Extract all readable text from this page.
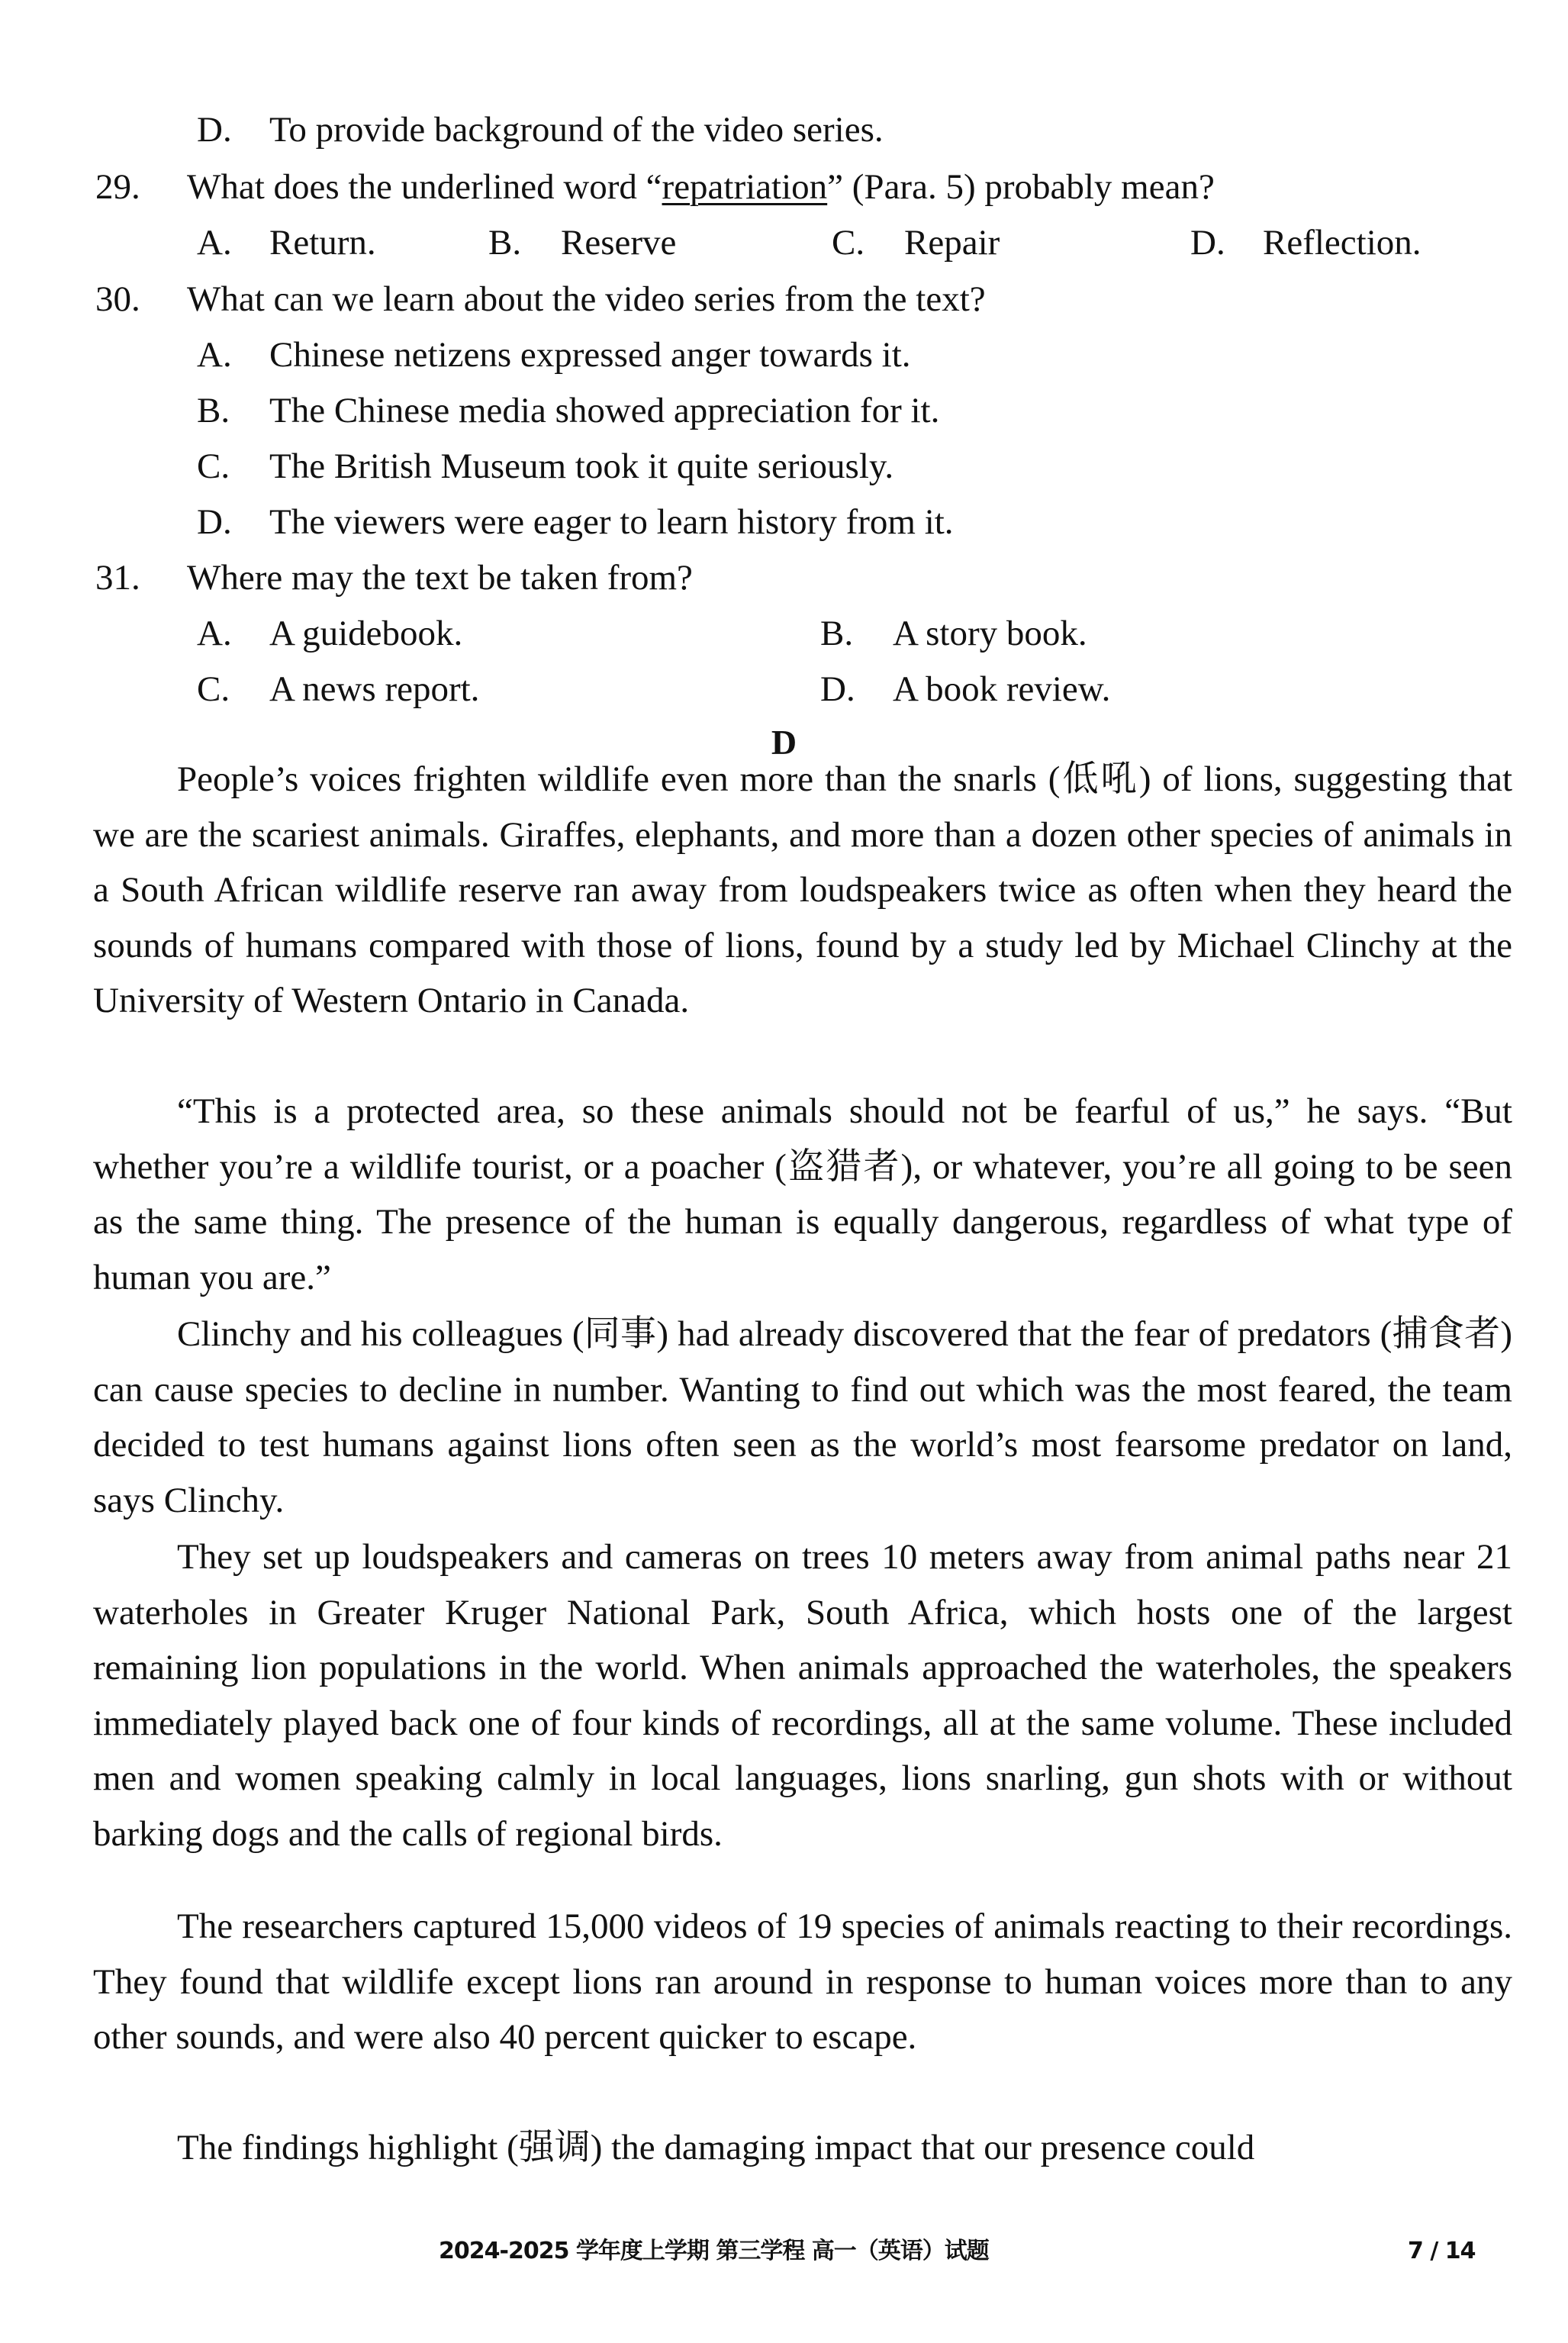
D. To provide background of the video series.
29. What does the underlined word “repatriation” (Para. 5) probably mean?
A. Return.	B. Reserve	C. Repair	D. Reflection.
30. What can we learn about the video series from the text?
A. Chinese netizens expressed anger towards it.
B. The Chinese media showed appreciation for it.
C. The British Museum took it quite seriously.
D. The viewers were eager to learn history from it.
31. Where may the text be taken from?
A. A guidebook.	B. A story book.
C. A news report.	D. A book review.
D

People’s voices frighten wildlife even more than the snarls (低吼) of lions, suggesting that we are the scariest animals. Giraffes, elephants, and more than a dozen other species of animals in a South African wildlife reserve ran away from loudspeakers twice as often when they heard the sounds of humans compared with those of lions, found by a study led by Michael Clinchy at the University of Western Ontario in Canada.

“This is a protected area, so these animals should not be fearful of us,” he says. “But whether you’re a wildlife tourist, or a poacher (盗猎者), or whatever, you’re all going to be seen as the same thing. The presence of the human is equally dangerous, regardless of what type of human you are.”

Clinchy and his colleagues (同事) had already discovered that the fear of predators (捕食者) can cause species to decline in number. Wanting to find out which was the most feared, the team decided to test humans against lions often seen as the world’s most fearsome predator on land, says Clinchy.

They set up loudspeakers and cameras on trees 10 meters away from animal paths near 21 waterholes in Greater Kruger National Park, South Africa, which hosts one of the largest remaining lion populations in the world. When animals approached the waterholes, the speakers immediately played back one of four kinds of recordings, all at the same volume. These included men and women speaking calmly in local languages, lions snarling, gun shots with or without barking dogs and the calls of regional birds.

The researchers captured 15,000 videos of 19 species of animals reacting to their recordings. They found that wildlife except lions ran around in response to human voices more than to any other sounds, and were also 40 percent quicker to escape.

The findings highlight (强调) the damaging impact that our presence could

2024-2025 学年度上学期 第三学程 高一（英语）试题	7 / 14
